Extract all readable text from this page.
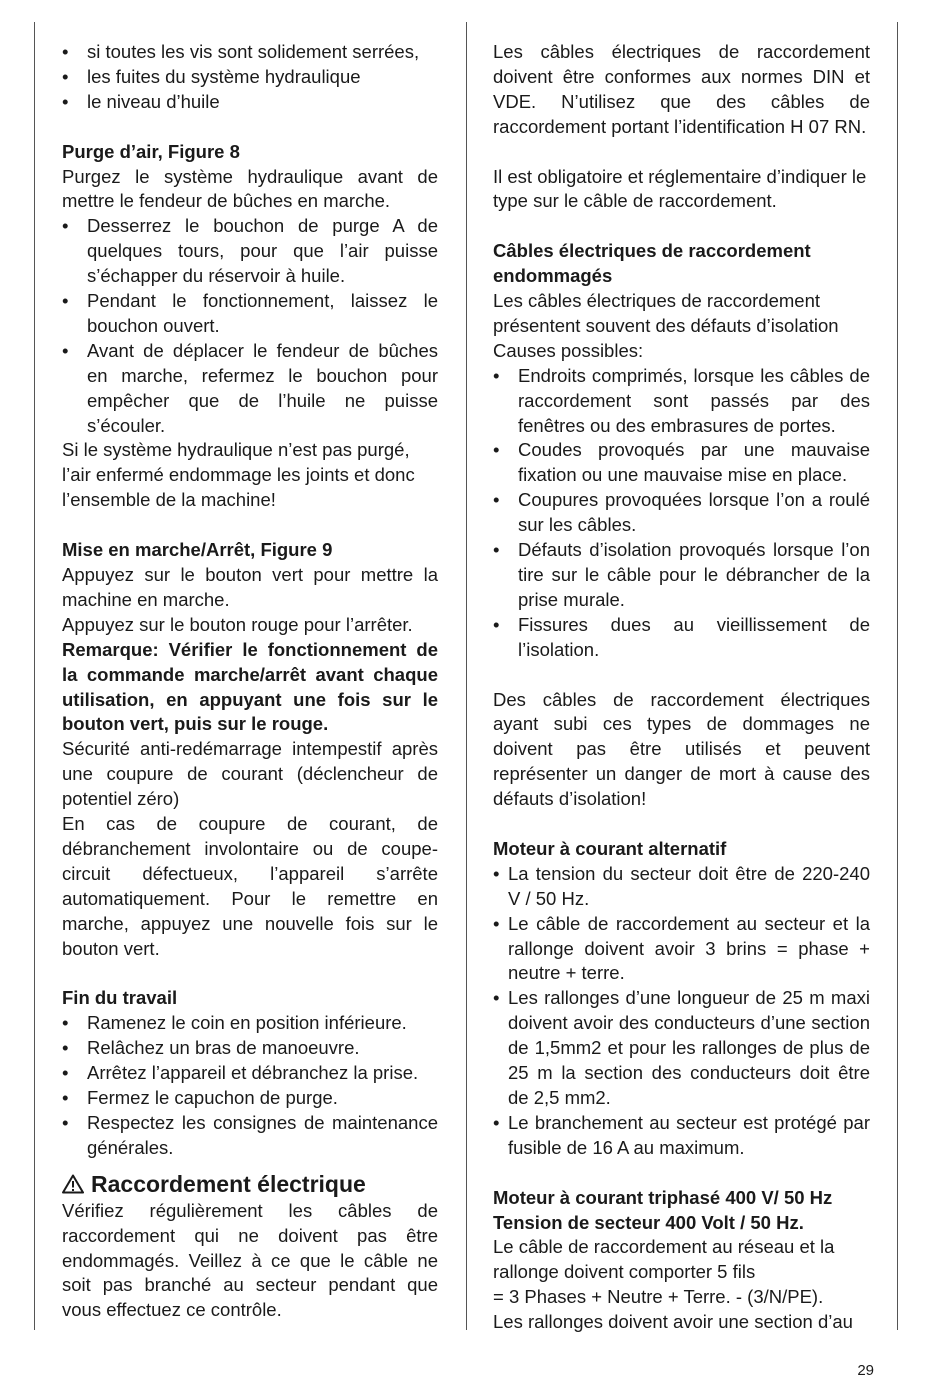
• si toutes les vis sont solidement serrées,
• les fuites du système hydraulique
• le niveau d’huile

Purge d’air, Figure 8

Purgez le système hydraulique avant de mettre le fendeur de bûches en marche.

• Desserrez le bouchon de purge A de quelques tours, pour que l’air puisse s’échapper du réservoir à huile.
• Pendant le fonctionnement, laissez le bouchon ouvert.
• Avant de déplacer le fendeur de bûches en marche, refermez le bouchon pour empêcher que de l’huile ne puisse s’écouler.

Si le système hydraulique n’est pas purgé, l’air enfermé endommage les joints et donc l’ensemble de la machine!

Mise en marche/Arrêt, Figure 9

Appuyez sur le bouton vert pour mettre la machine en marche.

Appuyez sur le bouton rouge pour l’arrêter.

Remarque: Vérifier le fonctionnement de la commande marche/arrêt avant chaque utilisation, en appuyant une fois sur le bouton vert, puis sur le rouge.

Sécurité anti-redémarrage intempestif après une coupure de courant (déclencheur de potentiel zéro)

En cas de coupure de courant, de débranchement involontaire ou de coupe-circuit défectueux, l’appareil s’arrête automatiquement. Pour le remettre en marche, appuyez une nouvelle fois sur le bouton vert.

Fin du travail

• Ramenez le coin en position inférieure.
• Relâchez un bras de manoeuvre.
• Arrêtez l’appareil et débranchez la prise.
• Fermez le capuchon de purge.
• Respectez les consignes de maintenance générales.
Raccordement électrique

Vérifiez régulièrement les câbles de raccordement qui ne doivent pas être endommagés. Veillez à ce que le câble ne soit pas branché au secteur pendant que vous effectuez ce contrôle.

Les câbles électriques de raccordement doivent être conformes aux normes DIN et VDE. N’utilisez que des câbles de raccordement portant l’identification H 07 RN.

Il est obligatoire et réglementaire d’indiquer le type sur le câble de raccordement.

Câbles électriques de raccordement endommagés

Les câbles électriques de raccordement présentent souvent des défauts d’isolation

Causes possibles:

• Endroits comprimés, lorsque les câbles de raccordement sont passés par des fenêtres ou des embrasures de portes.
• Coudes provoqués par une mauvaise fixation ou une mauvaise mise en place.
• Coupures provoquées lorsque l’on a roulé sur les câbles.
• Défauts d’isolation provoqués lorsque l’on tire sur le câble pour le débrancher de la prise murale.
• Fissures dues au vieillissement de l’isolation.

Des câbles de raccordement électriques ayant subi ces types de dommages ne doivent pas être utilisés et peuvent représenter un danger de mort à cause des défauts d’isolation!

Moteur à courant alternatif

• La tension du secteur doit être de 220-240 V / 50 Hz.
• Le câble de raccordement au secteur et la rallonge doivent avoir 3 brins = phase + neutre + terre.
• Les rallonges d’une longueur de 25 m maxi doivent avoir des conducteurs d’une section de 1,5mm2 et pour les rallonges de plus de 25 m la section des conducteurs doit être de 2,5 mm2.
• Le branchement au secteur est protégé par fusible de 16 A au maximum.

Moteur à courant triphasé 400 V/ 50 Hz

Tension de secteur 400 Volt / 50 Hz.

Le câble de raccordement au réseau et la rallonge doivent comporter 5 fils

= 3 Phases + Neutre + Terre. - (3/N/PE).

Les rallonges doivent avoir une section d’au

29
